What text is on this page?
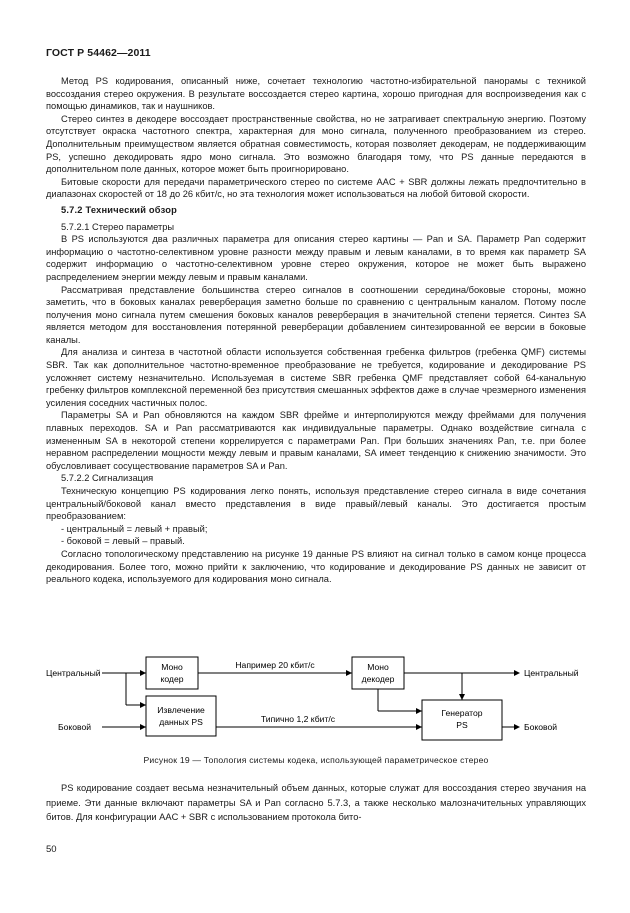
ГОСТ Р 54462—2011

Метод PS кодирования, описанный ниже, сочетает технологию частотно-избирательной панорамы с техникой воссоздания стерео окружения. В результате воссоздается стерео картина, хорошо пригодная для воспроизведения как с помощью динамиков, так и наушников.

Стерео синтез в декодере воссоздает пространственные свойства, но не затрагивает спектральную энергию. Поэтому отсутствует окраска частотного спектра, характерная для моно сигнала, полученного преобразованием из стерео. Дополнительным преимуществом является обратная совместимость, которая позволяет декодерам, не поддерживающим PS, успешно декодировать ядро моно сигнала. Это возможно благодаря тому, что PS данные передаются в дополнительном поле данных, которое может быть проигнорировано.

Битовые скорости для передачи параметрического стерео по системе AAC + SBR должны лежать предпочтительно в диапазонах скоростей от 18 до 26 кбит/с, но эта технология может использоваться на любой битовой скорости.

5.7.2 Технический обзор
5.7.2.1 Стерео параметры

В PS используются два различных параметра для описания стерео картины — Pan и SA. Параметр Pan содержит информацию о частотно-селективном уровне разности между правым и левым каналами, в то время как параметр SA содержит информацию о частотно-селективном уровне стерео окружения, которое не может быть выражено распределением энергии между левым и правым каналами.

Рассматривая представление большинства стерео сигналов в соотношении середина/боковые стороны, можно заметить, что в боковых каналах реверберация заметно больше по сравнению с центральным каналом. Потому после получения моно сигнала путем смешения боковых каналов реверберация в значительной степени теряется. Синтез SA является методом для восстановления потерянной реверберации добавлением синтезированной ее версии в боковые каналы.

Для анализа и синтеза в частотной области используется собственная гребенка фильтров (гребенка QMF) системы SBR. Так как дополнительное частотно-временное преобразование не требуется, кодирование и декодирование PS усложняет систему незначительно. Используемая в системе SBR гребенка QMF представляет собой 64-канальную гребенку фильтров комплексной переменной без присутствия смешанных эффектов даже в случае чрезмерного изменения усиления соседних частичных полос.

Параметры SA и Pan обновляются на каждом SBR фрейме и интерполируются между фреймами для получения плавных переходов. SA и Pan рассматриваются как индивидуальные параметры. Однако воздействие сигнала с измененным SA в некоторой степени коррелируется с параметрами Pan. При больших значениях Pan, т.е. при более неравном распределении мощности между левым и правым каналами, SA имеет тенденцию к снижению значимости. Это обусловливает сосуществование параметров SA и Pan.

5.7.2.2 Сигнализация

Техническую концепцию PS кодирования легко понять, используя представление стерео сигнала в виде сочетания центральный/боковой канал вместо представления в виде правый/левый каналы. Это достигается простым преобразованием:

- центральный = левый + правый;
- боковой = левый – правый.

Согласно топологическому представлению на рисунке 19 данные PS влияют на сигнал только в самом конце процесса декодирования. Более того, можно прийти к заключению, что кодирование и декодирование PS данных не зависит от реального кодека, используемого для кодирования моно сигнала.

Центральный
Боковой
Центральный
Боковой
Моно
кодер
Извлечение
данных PS
Моно
декодер
Генератор
PS
Например 20 кбит/с
Типично 1,2 кбит/с
Рисунок 19 — Топология системы кодека, использующей параметрическое стерео

PS кодирование создает весьма незначительный объем данных, которые служат для воссоздания стерео звучания на приеме. Эти данные включают параметры SA и Pan согласно 5.7.3, а также несколько малозначительных управляющих битов. Для конфигурации AAC + SBR с использованием протокола бито-

50
